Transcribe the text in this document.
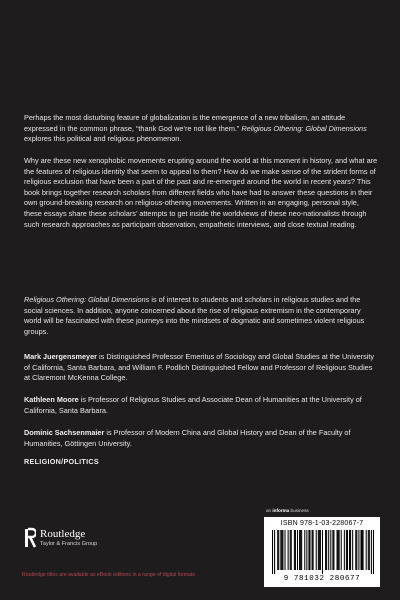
Perhaps the most disturbing feature of globalization is the emergence of a new tribalism, an attitude expressed in the common phrase, “thank God we’re not like them.” Religious Othering: Global Dimensions explores this political and religious phenomenon.

Why are these new xenophobic movements erupting around the world at this moment in history, and what are the features of religious identity that seem to appeal to them? How do we make sense of the strident forms of religious exclusion that have been a part of the past and re-emerged around the world in recent years? This book brings together research scholars from different fields who have had to answer these questions in their own ground-breaking research on religious-othering movements. Written in an engaging, personal style, these essays share these scholars’ attempts to get inside the worldviews of these neo-nationalists through such research approaches as participant observation, empathetic interviews, and close textual reading.

Religious Othering: Global Dimensions is of interest to students and scholars in religious studies and the social sciences. In addition, anyone concerned about the rise of religious extremism in the contemporary world will be fascinated with these journeys into the mindsets of dogmatic and sometimes violent religious groups.

Mark Juergensmeyer is Distinguished Professor Emeritus of Sociology and Global Studies at the University of California, Santa Barbara, and William F. Podlich Distinguished Fellow and Professor of Religious Studies at Claremont McKenna College.

Kathleen Moore is Professor of Religious Studies and Associate Dean of Humanities at the University of California, Santa Barbara.

Dominic Sachsenmaier is Professor of Modern China and Global History and Dean of the Faculty of Humanities, Göttingen University.

RELIGION/POLITICS
Routledge
Taylor & Francis Group
Routledge titles are available as eBook editions in a range of digital formats
an informa business
ISBN 978-1-03-228067-7
9 781032 280677
